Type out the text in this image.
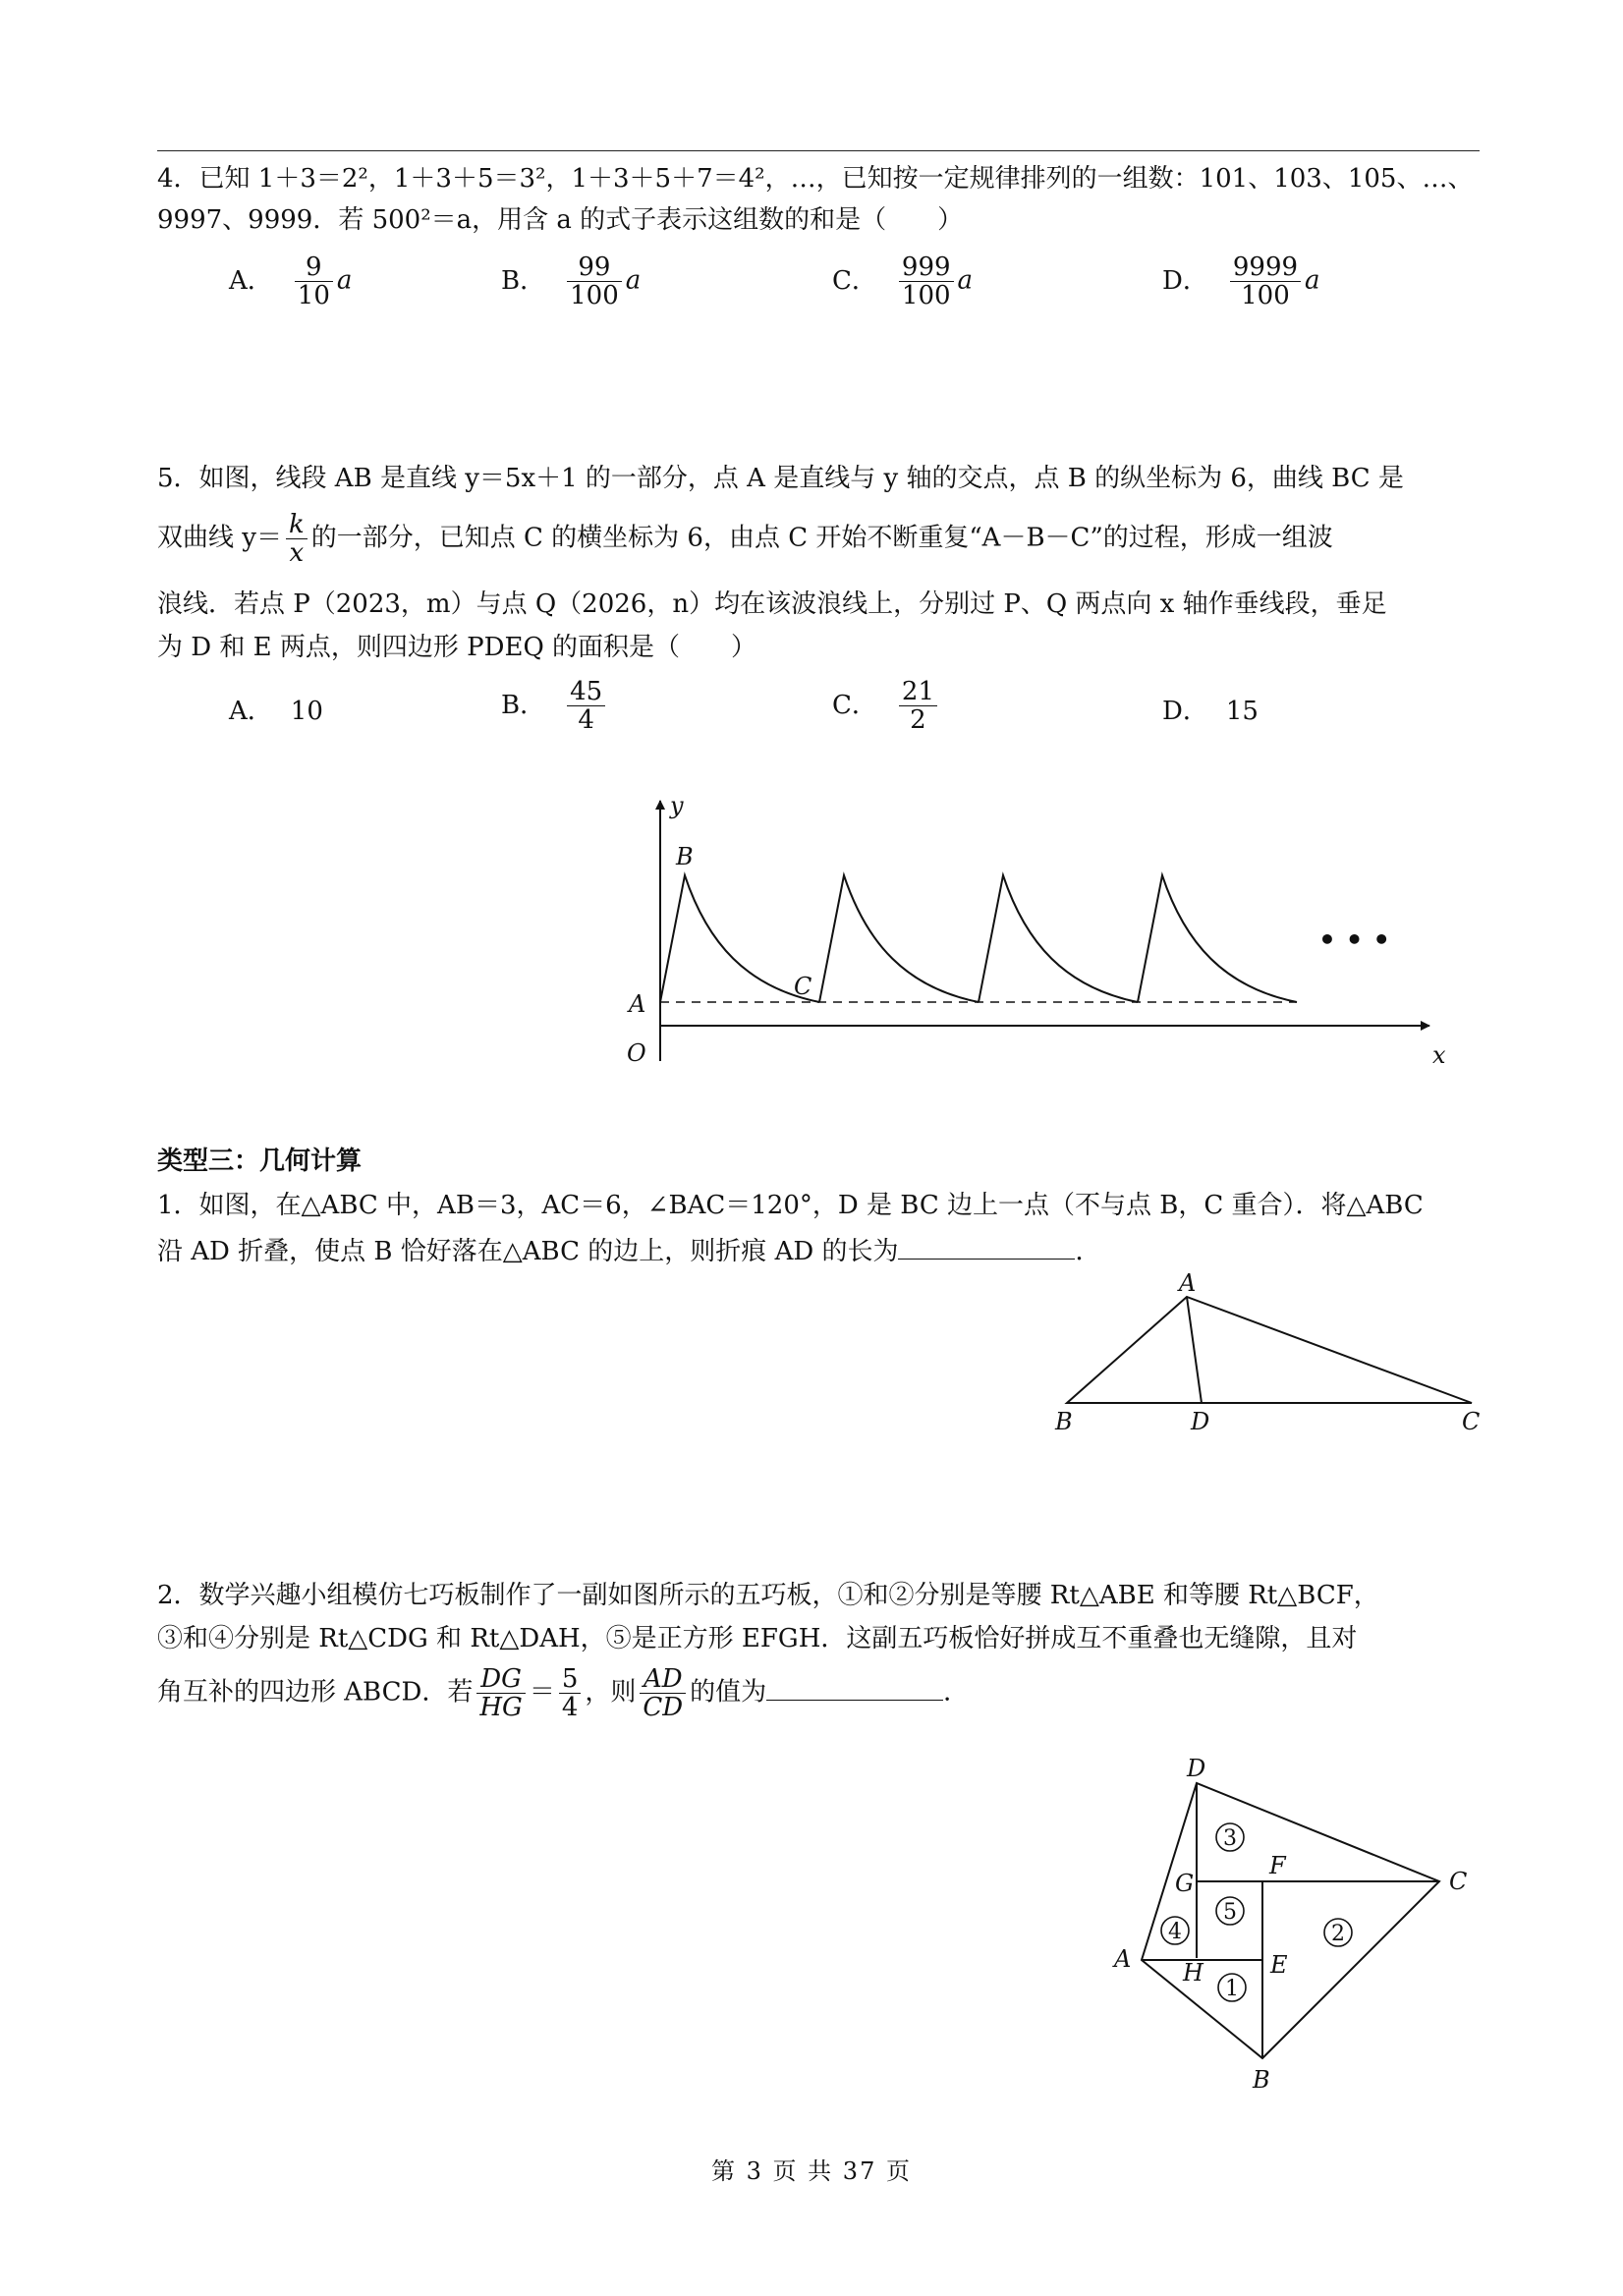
4．已知 1＋3＝2²，1＋3＋5＝3²，1＋3＋5＋7＝4²，…，已知按一定规律排列的一组数：101、103、105、…、
9997、9999．若 500²＝a，用含 a 的式子表示这组数的和是（　　）
A． $\frac{9}{10}$ a	B． $\frac{99}{100}$ a	C． $\frac{999}{100}$ a	D． $\frac{9999}{100}$ a
5．如图，线段 AB 是直线 y＝5x＋1 的一部分，点 A 是直线与 y 轴的交点，点 B 的纵坐标为 6，曲线 BC 是
双曲线 $y= \frac{k}{x}$ 的一部分，已知点 C 的横坐标为 6，由点 C 开始不断重复“A－B－C”的过程，形成一组波
浪线．若点 P（2023，m）与点 Q（2026，n）均在该波浪线上，分别过 P、Q 两点向 x 轴作垂线段，垂足
为 D 和 E 两点，则四边形 PDEQ 的面积是（　　）
A． 10	B． $\frac{45}{4}$	C． $\frac{21}{2}$	D． 15
y
B
C
A
O	x
• • •
类型三：几何计算
1．如图，在△ABC 中，AB＝3，AC＝6，∠BAC＝120°，D 是 BC 边上一点（不与点 B，C 重合）．将△ABC
沿 AD 折叠，使点 B 恰好落在△ABC 的边上，则折痕 AD 的长为	．
A
B	D	C
2．数学兴趣小组模仿七巧板制作了一副如图所示的五巧板，①和②分别是等腰 Rt△ABE 和等腰 Rt△BCF，
③和④分别是 Rt△CDG 和 Rt△DAH，⑤是正方形 EFGH．这副五巧板恰好拼成互不重叠也无缝隙，且对
角互补的四边形 ABCD．若 $\frac{DG}{HG} = \frac{5}{4}$ ，则 $\frac{AD}{CD}$ 的值为	．
3
4
5
1
2
D
G
F
C
A H	E
B
第 3 页 共 37 页
